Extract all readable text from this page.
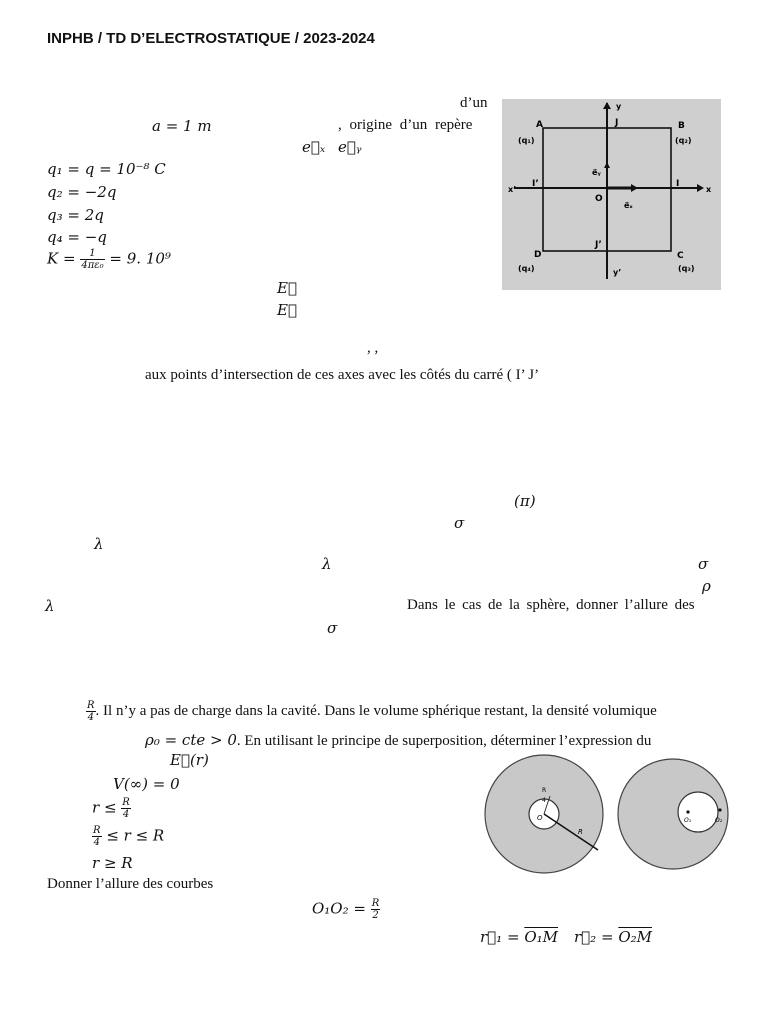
INPHB / TD D’ELECTROSTATIQUE / 2023-2024
d’un
a = 1 m	, origine d’un repère
e⃗ₓ e⃗ᵧ
q₁ = q = 10⁻⁸ C
q₂ = −2q
q₃ = 2q
q₄ = −q
$K = \frac{1}{\text{4πε₀}} = 9$. 10⁹
E⃗
E⃗
, ,
aux points d’intersection de ces axes avec les côtés du carré ( I’ J’
A
(q₁)
B
(q₂)
C
(q₃)
D
(q₄)
J
J’
I
I’
O
y
y’
x
x’
e⃗ₓ
e⃗ᵧ
(π)
σ
λ
λ	σ
ρ
λ	Dans le cas de la sphère, donner l’allure des
σ
$\frac{R}{4}$ . Il n’y a pas de charge dans la cavité. Dans le volume sphérique restant, la densité volumique
ρ₀ = cte > 0. En utilisant le principe de superposition, déterminer l’expression du
E⃗(r)
V(∞) = 0
$r \le \frac{R}{4}$
$\frac{R}{4} \le r \le R$
r ≥ R
Donner l’allure des courbes
$O_1O_2 = \frac{R}{2}$
r⃗₁ = O₁M r⃗₂ = O₂M
R
4
O
R
O₁	O₂
